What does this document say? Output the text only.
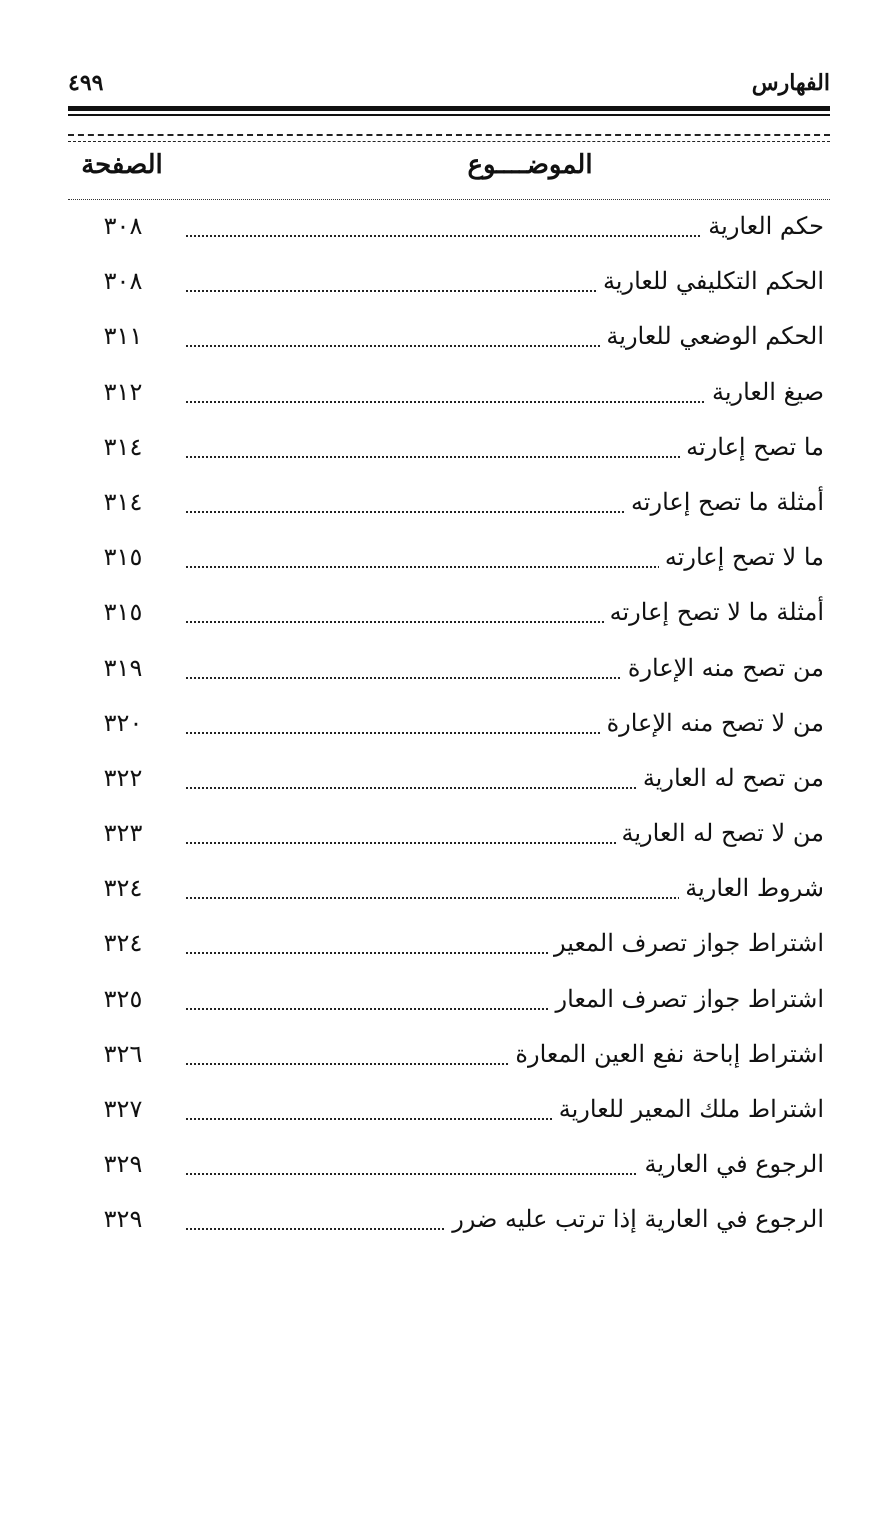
الفهارس
٤٩٩
الموضــــوع
الصفحة
حكم العارية
٣٠٨
الحكم التكليفي للعارية
٣٠٨
الحكم الوضعي للعارية
٣١١
صيغ العارية
٣١٢
ما تصح إعارته
٣١٤
أمثلة ما تصح إعارته
٣١٤
ما لا تصح إعارته
٣١٥
أمثلة ما لا تصح إعارته
٣١٥
من تصح منه الإعارة
٣١٩
من لا تصح منه الإعارة
٣٢٠
من تصح له العارية
٣٢٢
من لا تصح له العارية
٣٢٣
شروط العارية
٣٢٤
اشتراط جواز تصرف المعير
٣٢٤
اشتراط جواز تصرف المعار
٣٢٥
اشتراط إباحة نفع العين المعارة
٣٢٦
اشتراط ملك المعير للعارية
٣٢٧
الرجوع في العارية
٣٢٩
الرجوع في العارية إذا ترتب عليه ضرر
٣٢٩
